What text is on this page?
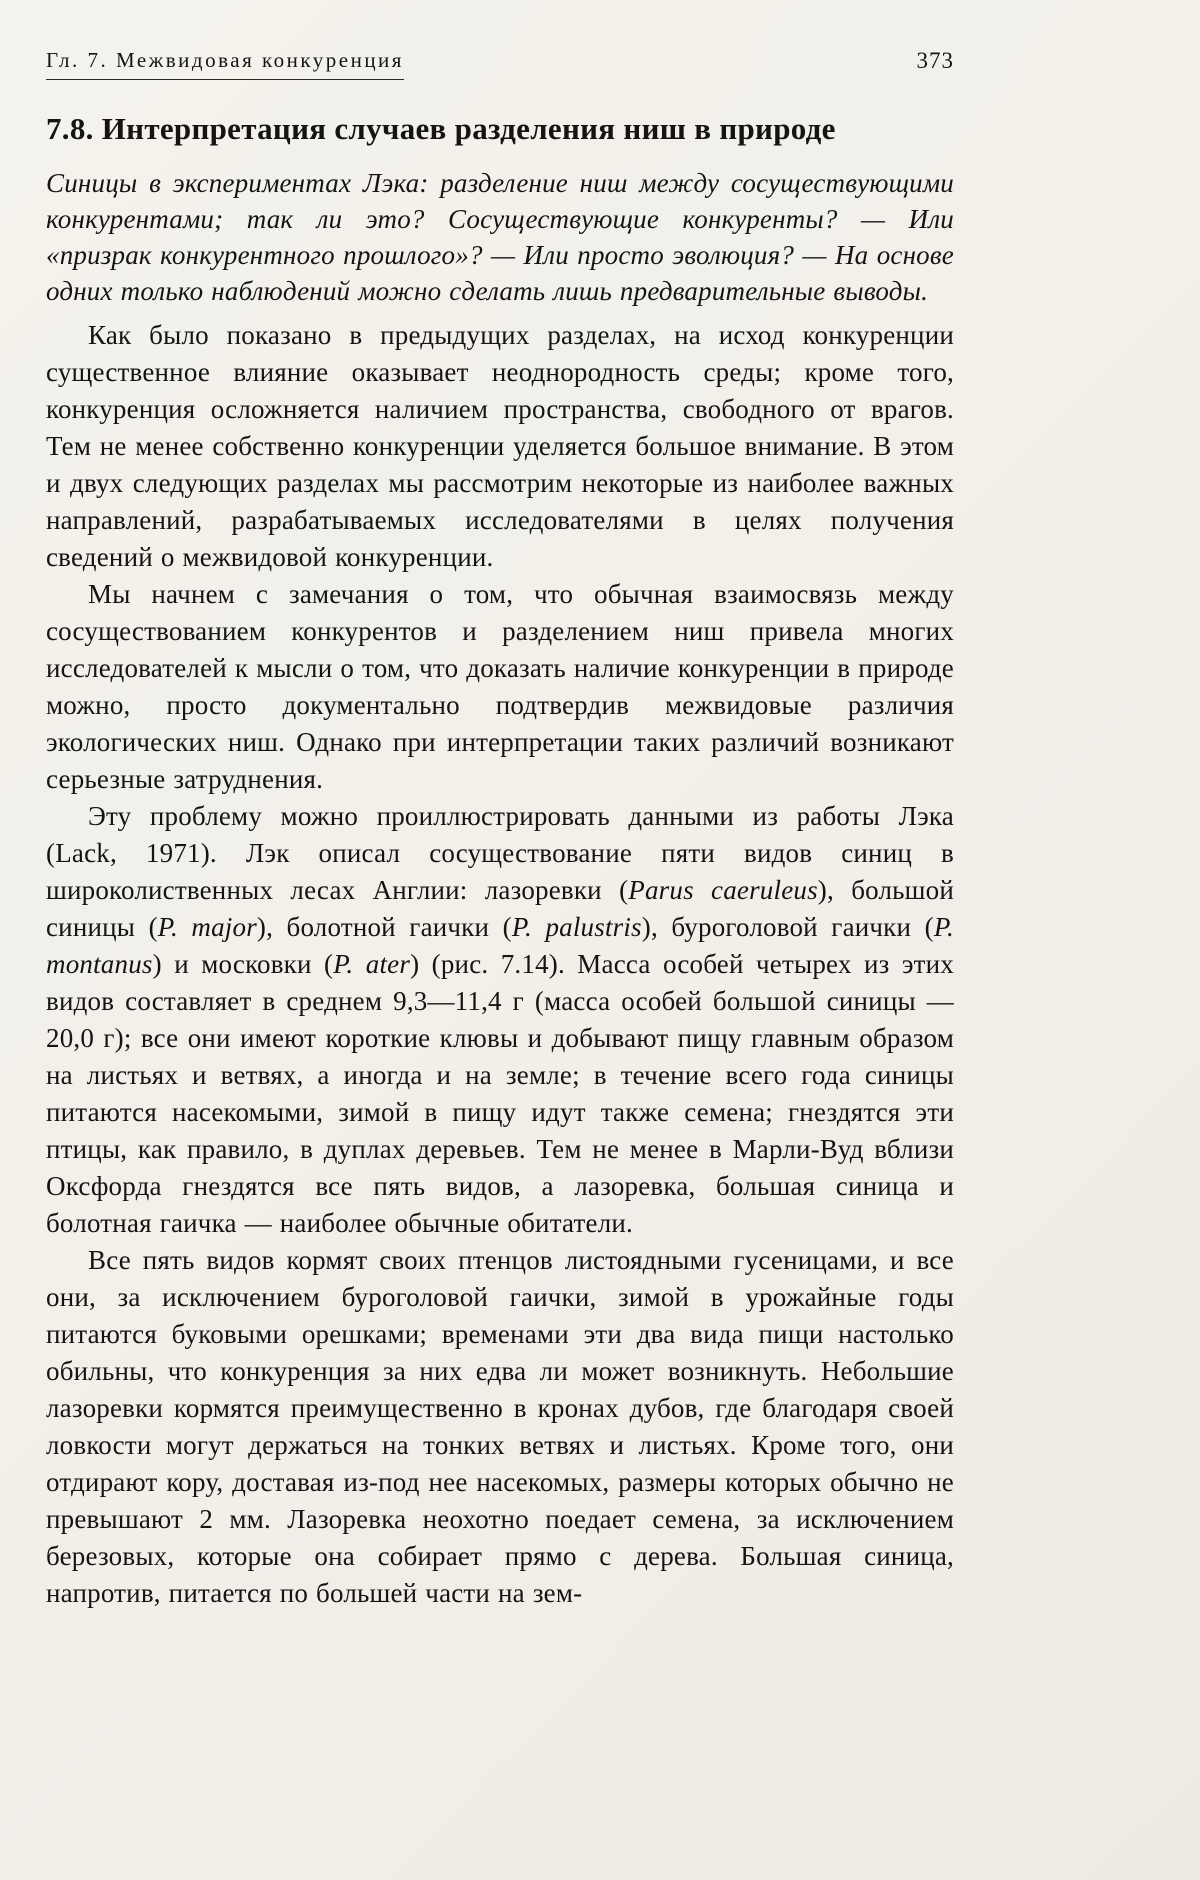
Гл. 7. Межвидовая конкуренция	373
7.8. Интерпретация случаев разделения ниш в природе

Синицы в экспериментах Лэка: разделение ниш между сосуществующими конкурентами; так ли это? Сосуществующие конкуренты? — Или «призрак конкурентного прошлого»? — Или просто эволюция? — На основе одних только наблюдений можно сделать лишь предварительные выводы.

Как было показано в предыдущих разделах, на исход конкуренции существенное влияние оказывает неоднородность среды; кроме того, конкуренция осложняется наличием пространства, свободного от врагов. Тем не менее собственно конкуренции уделяется большое внимание. В этом и двух следующих разделах мы рассмотрим некоторые из наиболее важных направлений, разрабатываемых исследователями в целях получения сведений о межвидовой конкуренции.

Мы начнем с замечания о том, что обычная взаимосвязь между сосуществованием конкурентов и разделением ниш привела многих исследователей к мысли о том, что доказать наличие конкуренции в природе можно, просто документально подтвердив межвидовые различия экологических ниш. Однако при интерпретации таких различий возникают серьезные затруднения.

Эту проблему можно проиллюстрировать данными из работы Лэка (Lack, 1971). Лэк описал сосуществование пяти видов синиц в широколиственных лесах Англии: лазоревки (Parus caeruleus), большой синицы (P. major), болотной гаички (P. palustris), буроголовой гаички (P. montanus) и московки (P. ater) (рис. 7.14). Масса особей четырех из этих видов составляет в среднем 9,3—11,4 г (масса особей большой синицы — 20,0 г); все они имеют короткие клювы и добывают пищу главным образом на листьях и ветвях, а иногда и на земле; в течение всего года синицы питаются насекомыми, зимой в пищу идут также семена; гнездятся эти птицы, как правило, в дуплах деревьев. Тем не менее в Марли-Вуд вблизи Оксфорда гнездятся все пять видов, а лазоревка, большая синица и болотная гаичка — наиболее обычные обитатели.

Все пять видов кормят своих птенцов листоядными гусеницами, и все они, за исключением буроголовой гаички, зимой в урожайные годы питаются буковыми орешками; временами эти два вида пищи настолько обильны, что конкуренция за них едва ли может возникнуть. Небольшие лазоревки кормятся преимущественно в кронах дубов, где благодаря своей ловкости могут держаться на тонких ветвях и листьях. Кроме того, они отдирают кору, доставая из-под нее насекомых, размеры которых обычно не превышают 2 мм. Лазоревка неохотно поедает семена, за исключением березовых, которые она собирает прямо с дерева. Большая синица, напротив, питается по большей части на зем-
